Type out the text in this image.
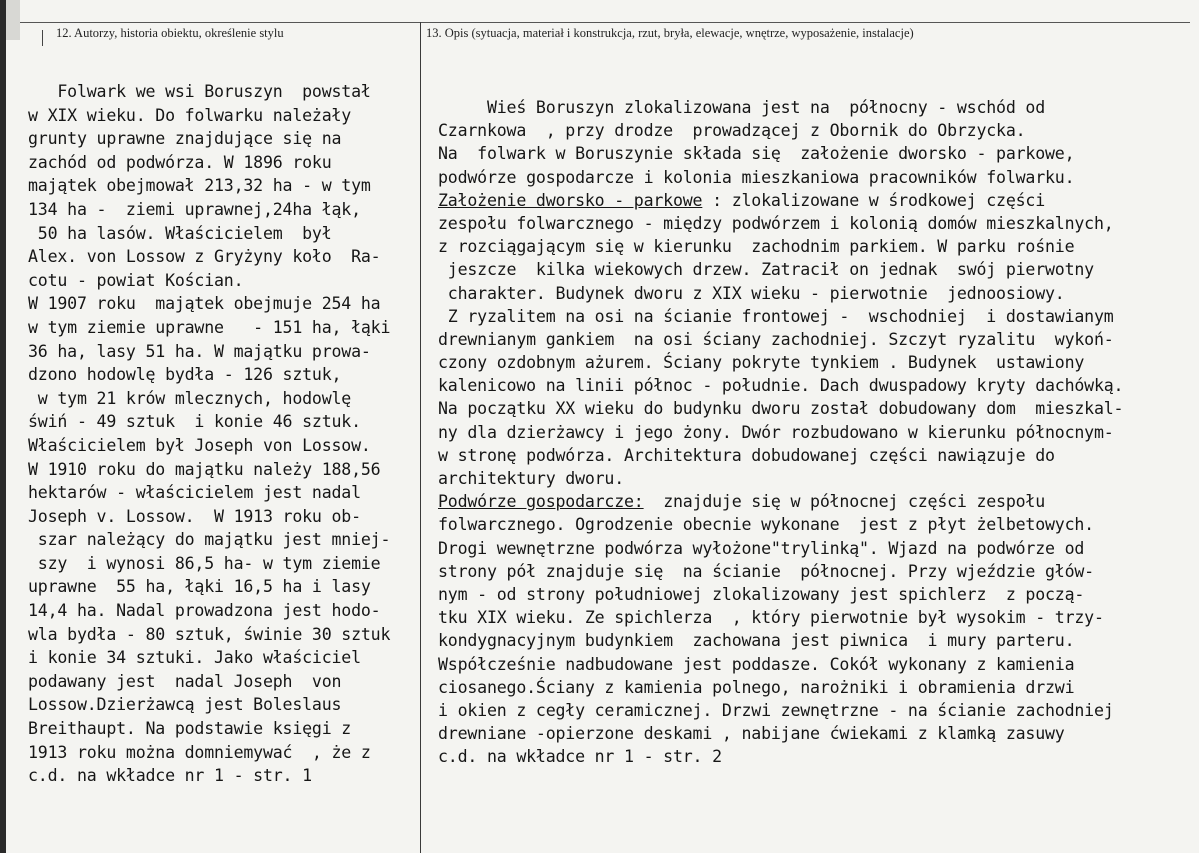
12. Autorzy, historia obiektu, określenie stylu	13. Opis (sytuacja, materiał i konstrukcja, rzut, bryła, elewacje, wnętrze, wyposażenie, instalacje)
Folwark we wsi Boruszyn  powstał
w XIX wieku. Do folwarku należały
grunty uprawne znajdujące się na
zachód od podwórza. W 1896 roku
majątek obejmował 213,32 ha - w tym
134 ha -  ziemi uprawnej,24ha łąk,
50 ha lasów. Właścicielem  był
Alex. von Lossow z Gryżyny koło  Ra-
cotu - powiat Kościan.
W 1907 roku  majątek obejmuje 254 ha
w tym ziemie uprawne   - 151 ha, łąki
36 ha, lasy 51 ha. W majątku prowa-
dzono hodowlę bydła - 126 sztuk,
w tym 21 krów mlecznych, hodowlę
świń - 49 sztuk  i konie 46 sztuk.
Właścicielem był Joseph von Lossow.
W 1910 roku do majątku należy 188,56
hektarów - właścicielem jest nadal
Joseph v. Lossow.  W 1913 roku ob-
szar należący do majątku jest mniej-
szy  i wynosi 86,5 ha- w tym ziemie
uprawne  55 ha, łąki 16,5 ha i lasy
14,4 ha. Nadal prowadzona jest hodo-
wla bydła - 80 sztuk, świnie 30 sztuk
i konie 34 sztuki. Jako właściciel
podawany jest  nadal Joseph  von
Lossow.Dzierżawcą jest Boleslaus
Breithaupt. Na podstawie księgi z
1913 roku można domniemywać  , że z
c.d. na wkładce nr 1 - str. 1
Wieś Boruszyn zlokalizowana jest na  północny - wschód od
Czarnkowa  , przy drodze  prowadzącej z Obornik do Obrzycka.
Na  folwark w Boruszynie składa się  założenie dworsko - parkowe,
podwórze gospodarcze i kolonia mieszkaniowa pracowników folwarku.
Założenie dworsko - parkowe : zlokalizowane w środkowej części
zespołu folwarcznego - między podwórzem i kolonią domów mieszkalnych,
z rozciągającym się w kierunku  zachodnim parkiem. W parku rośnie
jeszcze  kilka wiekowych drzew. Zatracił on jednak  swój pierwotny
charakter. Budynek dworu z XIX wieku - pierwotnie  jednoosiowy.
Z ryzalitem na osi na ścianie frontowej -  wschodniej  i dostawianym
drewnianym gankiem  na osi ściany zachodniej. Szczyt ryzalitu  wykoń-
czony ozdobnym ażurem. Ściany pokryte tynkiem . Budynek  ustawiony
kalenicowo na linii północ - południe. Dach dwuspadowy kryty dachówką.
Na początku XX wieku do budynku dworu został dobudowany dom  mieszkal-
ny dla dzierżawcy i jego żony. Dwór rozbudowano w kierunku północnym-
w stronę podwórza. Architektura dobudowanej części nawiązuje do
architektury dworu.
Podwórze gospodarcze:  znajduje się w północnej części zespołu
folwarcznego. Ogrodzenie obecnie wykonane  jest z płyt żelbetowych.
Drogi wewnętrzne podwórza wyłożone"trylinką". Wjazd na podwórze od
strony pół znajduje się  na ścianie  północnej. Przy wjeździe głów-
nym - od strony południowej zlokalizowany jest spichlerz  z począ-
tku XIX wieku. Ze spichlerza  , który pierwotnie był wysokim - trzy-
kondygnacyjnym budynkiem  zachowana jest piwnica  i mury parteru.
Współcześnie nadbudowane jest poddasze. Cokół wykonany z kamienia
ciosanego.Ściany z kamienia polnego, narożniki i obramienia drzwi
i okien z cegły ceramicznej. Drzwi zewnętrzne - na ścianie zachodniej
drewniane -opierzone deskami , nabijane ćwiekami z klamką zasuwy
c.d. na wkładce nr 1 - str. 2
